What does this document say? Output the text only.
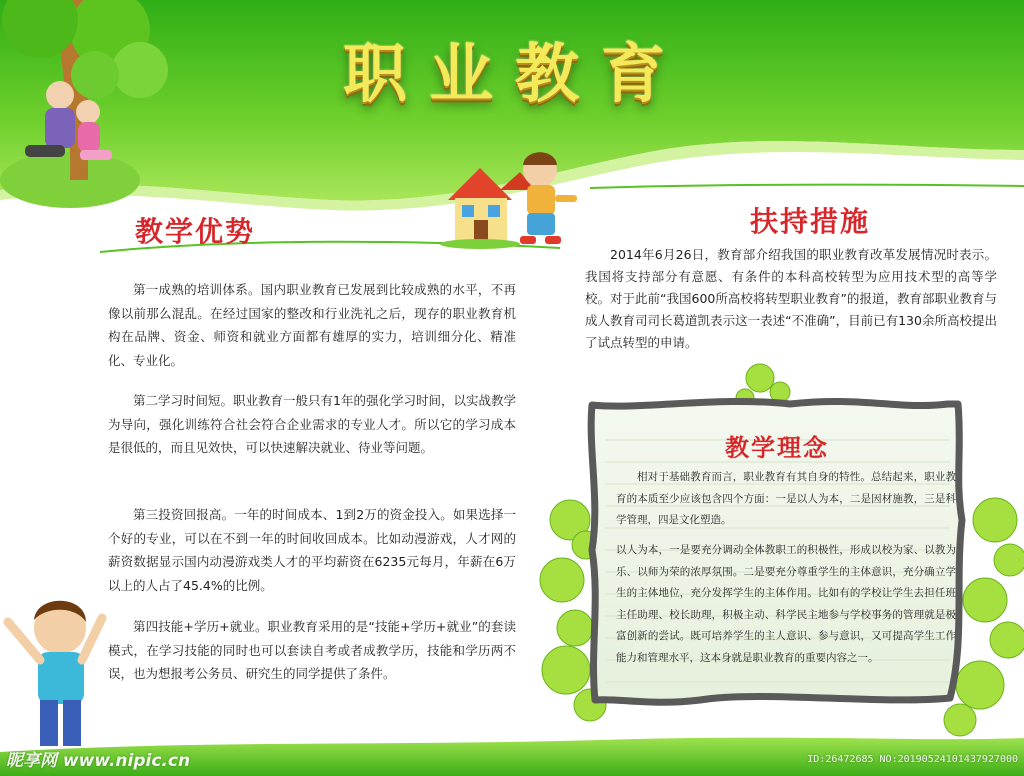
职业教育
教学优势

第一成熟的培训体系。国内职业教育已发展到比较成熟的水平，不再像以前那么混乱。在经过国家的整改和行业洗礼之后，现存的职业教育机构在品牌、资金、师资和就业方面都有雄厚的实力，培训细分化、精准化、专业化。

第二学习时间短。职业教育一般只有1年的强化学习时间，以实战教学为导向，强化训练符合社会符合企业需求的专业人才。所以它的学习成本是很低的，而且见效快，可以快速解决就业、待业等问题。

第三投资回报高。一年的时间成本、1到2万的资金投入。如果选择一个好的专业，可以在不到一年的时间收回成本。比如动漫游戏，人才网的薪资数据显示国内动漫游戏类人才的平均薪资在6235元每月，年薪在6万以上的人占了45.4%的比例。

第四技能+学历+就业。职业教育采用的是“技能+学历+就业”的套读模式，在学习技能的同时也可以套读自考或者成教学历，技能和学历两不误，也为想报考公务员、研究生的同学提供了条件。

扶持措施

2014年6月26日，教育部介绍我国的职业教育改革发展情况时表示。我国将支持部分有意愿、有条件的本科高校转型为应用技术型的高等学校。对于此前“我国600所高校将转型职业教育”的报道，教育部职业教育与成人教育司司长葛道凯表示这一表述“不准确”，目前已有130余所高校提出了试点转型的申请。

教学理念

相对于基础教育而言，职业教育有其自身的特性。总结起来，职业教育的本质至少应该包含四个方面：一是以人为本，二是因材施教，三是科学管理，四是文化塑造。

以人为本，一是要充分调动全体教职工的积极性，形成以校为家、以教为乐、以师为荣的浓厚氛围。二是要充分尊重学生的主体意识，充分确立学生的主体地位，充分发挥学生的主体作用。比如有的学校让学生去担任班主任助理、校长助理，积极主动、科学民主地参与学校事务的管理就是极富创新的尝试。既可培养学生的主人意识、参与意识，又可提高学生工作能力和管理水平，这本身就是职业教育的重要内容之一。

昵享网 www.nipic.cn	ID:26472685 NO:20190524101437927000
